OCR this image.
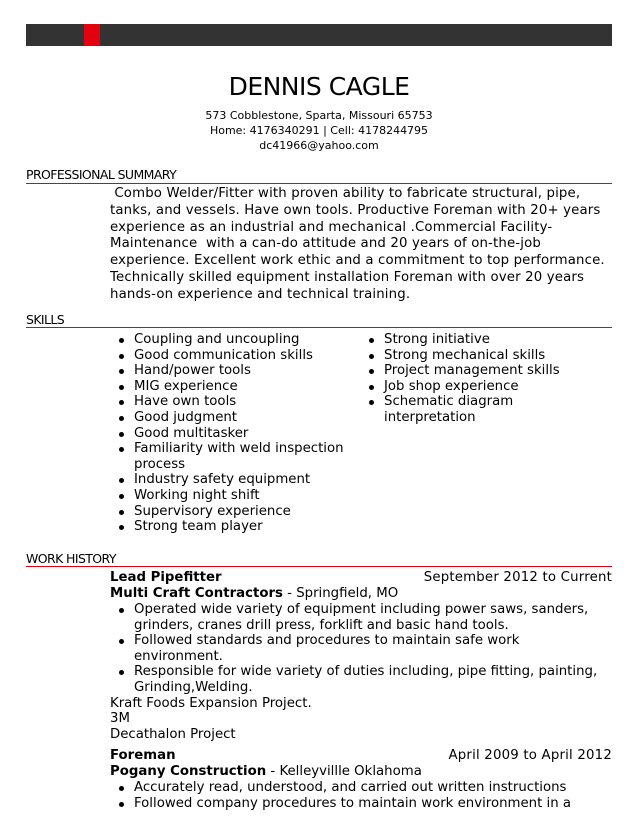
DENNIS CAGLE
573 Cobblestone, Sparta, Missouri 65753
Home: 4176340291 | Cell: 4178244795
dc41966@yahoo.com
PROFESSIONAL SUMMARY
Combo Welder/Fitter with proven ability to fabricate structural, pipe,
tanks, and vessels. Have own tools. Productive Foreman with 20+ years
experience as an industrial and mechanical .Commercial Facility-
Maintenance  with a can-do attitude and 20 years of on-the-job
experience. Excellent work ethic and a commitment to top performance.
Technically skilled equipment installation Foreman with over 20 years
hands-on experience and technical training.
SKILLS
Coupling and uncoupling
Good communication skills
Hand/power tools
MIG experience
Have own tools
Good judgment
Good multitasker
Familiarity with weld inspection
process
Industry safety equipment
Working night shift
Supervisory experience
Strong team player
Strong initiative
Strong mechanical skills
Project management skills
Job shop experience
Schematic diagram
interpretation
WORK HISTORY
Lead Pipefitter	September 2012 to Current
Multi Craft Contractors - Springfield, MO
Operated wide variety of equipment including power saws, sanders,
grinders, cranes drill press, forklift and basic hand tools.
Followed standards and procedures to maintain safe work
environment.
Responsible for wide variety of duties including, pipe fitting, painting,
Grinding,Welding.
Kraft Foods Expansion Project.
3M
Decathalon Project
Foreman	April 2009 to April 2012
Pogany Construction - Kelleyvillle Oklahoma
Accurately read, understood, and carried out written instructions
Followed company procedures to maintain work environment in a
